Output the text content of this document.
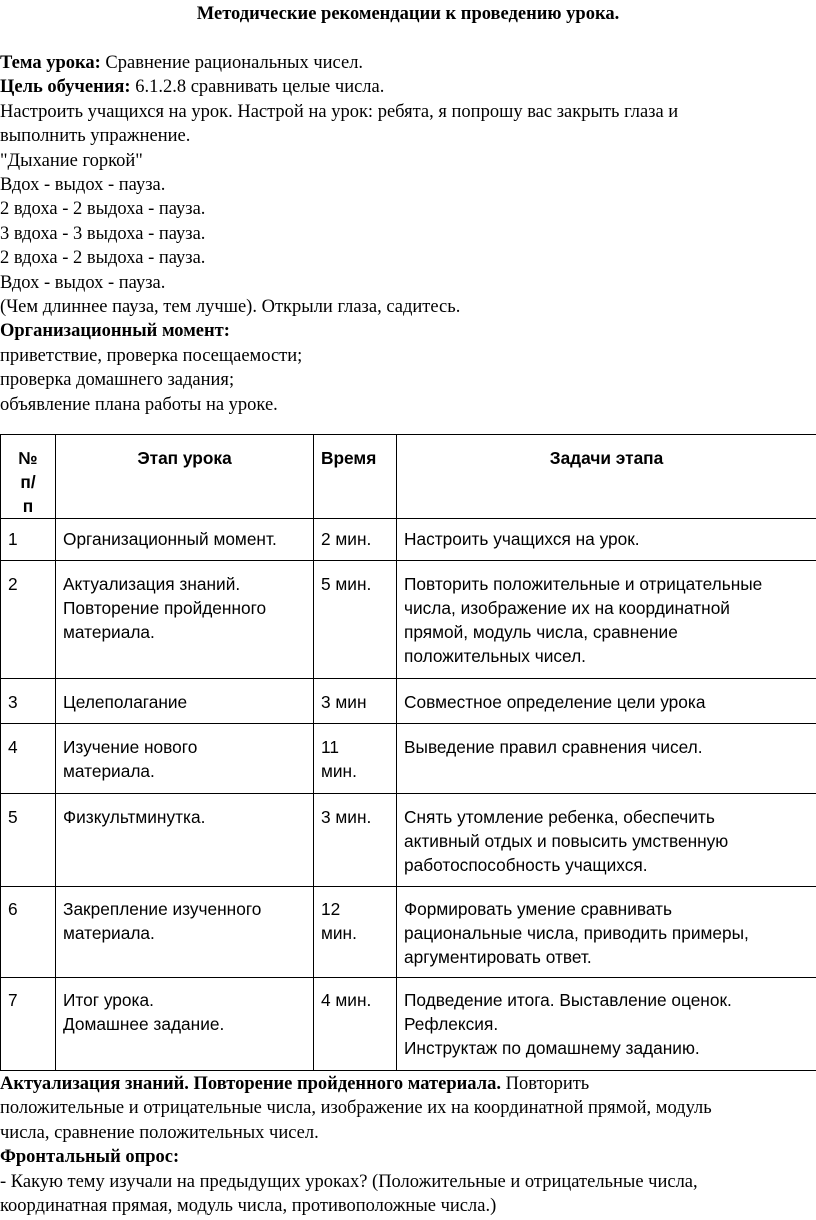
Методические рекомендации к проведению урока.
Тема урока: Сравнение рациональных чисел.
Цель обучения: 6.1.2.8 сравнивать целые числа.
Настроить учащихся на урок. Настрой на урок: ребята, я попрошу вас закрыть глаза и
выполнить упражнение.
"Дыхание горкой"
Вдох - выдох - пауза.
2 вдоха - 2 выдоха - пауза.
3 вдоха - 3 выдоха - пауза.
2 вдоха - 2 выдоха - пауза.
Вдох - выдох - пауза.
(Чем длиннее пауза, тем лучше). Открыли глаза, садитесь.
Организационный момент:
приветствие, проверка посещаемости;
проверка домашнего задания;
объявление плана работы на уроке.
№ п/п	Этап урока	Время	Задачи этапа
1	Организационный момент.	2 мин.	Настроить учащихся на урок.
2	Актуализация знаний.
Повторение пройденного
материала.	5 мин.	Повторить положительные и отрицательные
числа, изображение их на координатной
прямой, модуль числа, сравнение
положительных чисел.
3	Целеполагание	3 мин	Совместное определение цели урока
4	Изучение нового
материала.	11
мин.	Выведение правил сравнения чисел.
5	Физкультминутка.	3 мин.	Снять утомление ребенка, обеспечить
активный отдых и повысить умственную
работоспособность учащихся.
6	Закрепление изученного
материала.	12
мин.	Формировать умение сравнивать
рациональные числа, приводить примеры,
аргументировать ответ.
7	Итог урока.
Домашнее задание.	4 мин.	Подведение итога. Выставление оценок.
Рефлексия.
Инструктаж по домашнему заданию.
Актуализация знаний. Повторение пройденного материала. Повторить
положительные и отрицательные числа, изображение их на координатной прямой, модуль
числа, сравнение положительных чисел.
Фронтальный опрос:
- Какую тему изучали на предыдущих уроках? (Положительные и отрицательные числа,
координатная прямая, модуль числа, противоположные числа.)
